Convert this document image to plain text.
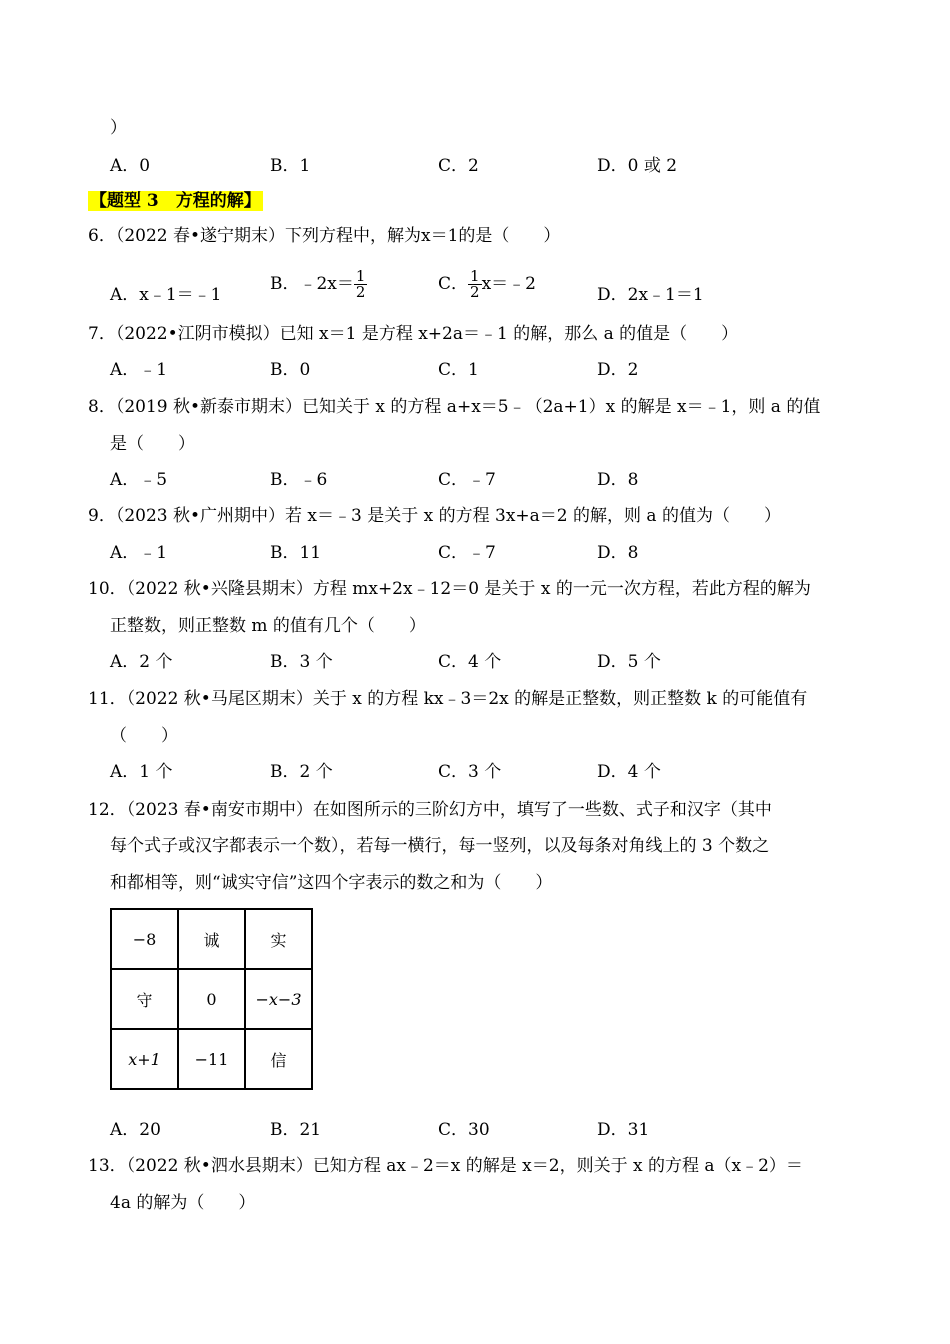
）
A．0	B．1	C．2	D．0 或 2
【题型 3　方程的解】
6．（2022 春•遂宁期末）下列方程中，解为x＝1的是（　　）
A．x﹣1＝﹣1
B．﹣2x＝ $\frac{1}{2}$	C． $\frac{1}{2}$ x＝﹣2
D．2x﹣1＝1
7．（2022•江阴市模拟）已知 x＝1 是方程 x+2a＝﹣1 的解，那么 a 的值是（　　）
A．﹣1	B．0	C．1	D．2
8．（2019 秋•新泰市期末）已知关于 x 的方程 a+x＝5﹣（2a+1）x 的解是 x＝﹣1，则 a 的值
是（　　）
A．﹣5	B．﹣6	C．﹣7	D．8
9．（2023 秋•广州期中）若 x＝﹣3 是关于 x 的方程 3x+a＝2 的解，则 a 的值为（　　）
A．﹣1	B．11	C．﹣7	D．8
10．（2022 秋•兴隆县期末）方程 mx+2x﹣12＝0 是关于 x 的一元一次方程，若此方程的解为
正整数，则正整数 m 的值有几个（　　）
A．2 个	B．3 个	C．4 个	D．5 个
11．（2022 秋•马尾区期末）关于 x 的方程 kx﹣3＝2x 的解是正整数，则正整数 k 的可能值有
（　　）
A．1 个	B．2 个	C．3 个	D．4 个
12．（2023 春•南安市期中）在如图所示的三阶幻方中，填写了一些数、式子和汉字（其中
每个式子或汉字都表示一个数），若每一横行，每一竖列，以及每条对角线上的 3 个数之
和都相等，则“诚实守信”这四个字表示的数之和为（　　）
−8	诚	实
守	0	−x−3
x+1	−11	信
A．20	B．21	C．30	D．31
13．（2022 秋•泗水县期末）已知方程 ax﹣2＝x 的解是 x＝2，则关于 x 的方程 a（x﹣2）＝
4a 的解为（　　）
